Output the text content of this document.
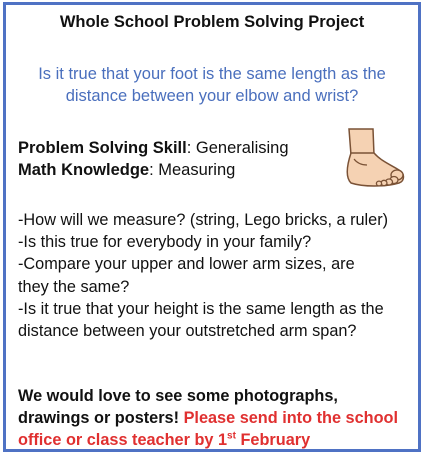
Whole School Problem Solving Project
Is it true that your foot is the same length as the
distance between your elbow and wrist?
Problem Solving Skill: Generalising
Math Knowledge: Measuring
-How will we measure? (string, Lego bricks, a ruler)
-Is this true for everybody in your family?
-Compare your upper and lower arm sizes, are
they the same?
-Is it true that your height is the same length as the
distance between your outstretched arm span?
We would love to see some photographs,
drawings or posters! Please send into the school
office or class teacher by 1st February
